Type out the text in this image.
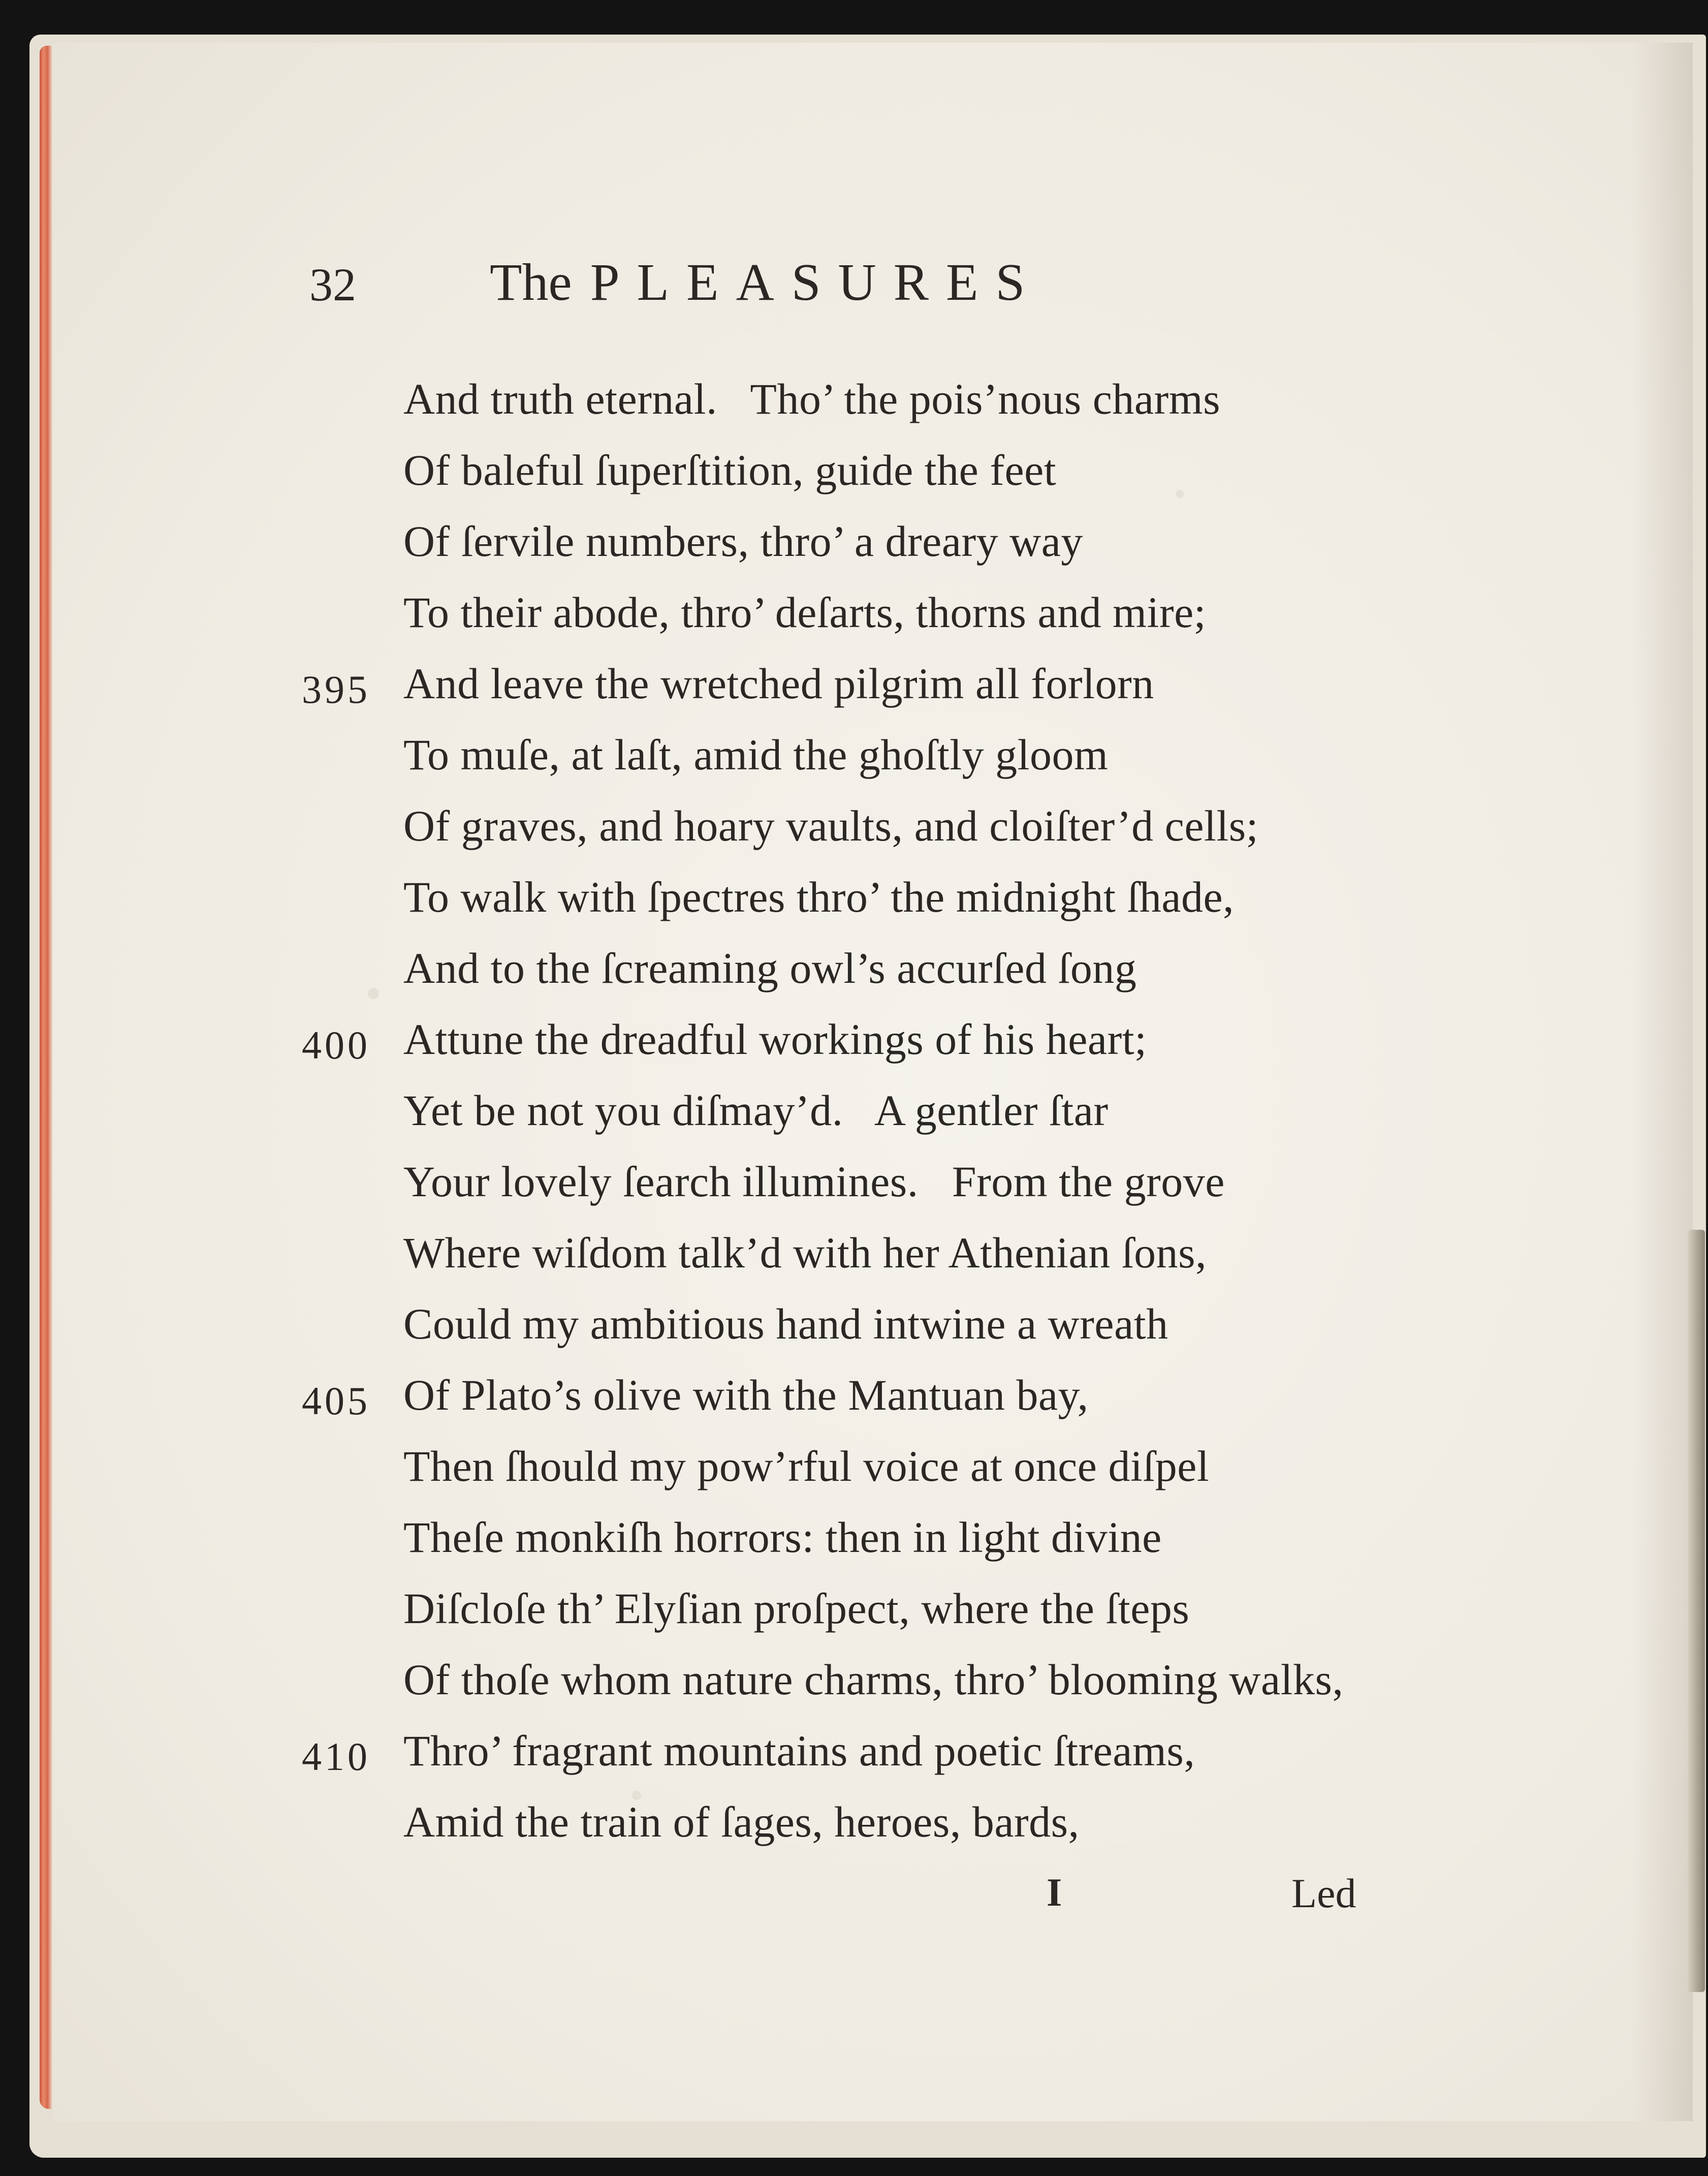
32	The PLEASURES
And truth eternal.   Tho’ the pois’nous charms
Of baleful ſuperſtition, guide the feet
Of ſervile numbers, thro’ a dreary way
To their abode, thro’ deſarts, thorns and mire;
395 And leave the wretched pilgrim all forlorn
To muſe, at laſt, amid the ghoſtly gloom
Of graves, and hoary vaults, and cloiſter’d cells;
To walk with ſpectres thro’ the midnight ſhade,
And to the ſcreaming owl’s accurſed ſong
400 Attune the dreadful workings of his heart;
Yet be not you diſmay’d.   A gentler ſtar
Your lovely ſearch illumines.   From the grove
Where wiſdom talk’d with her Athenian ſons,
Could my ambitious hand intwine a wreath
405 Of Plato’s olive with the Mantuan bay,
Then ſhould my pow’rful voice at once diſpel
Theſe monkiſh horrors: then in light divine
Diſcloſe th’ Elyſian proſpect, where the ſteps
Of thoſe whom nature charms, thro’ blooming walks,
410 Thro’ fragrant mountains and poetic ſtreams,
Amid the train of ſages, heroes, bards,
I	Led
